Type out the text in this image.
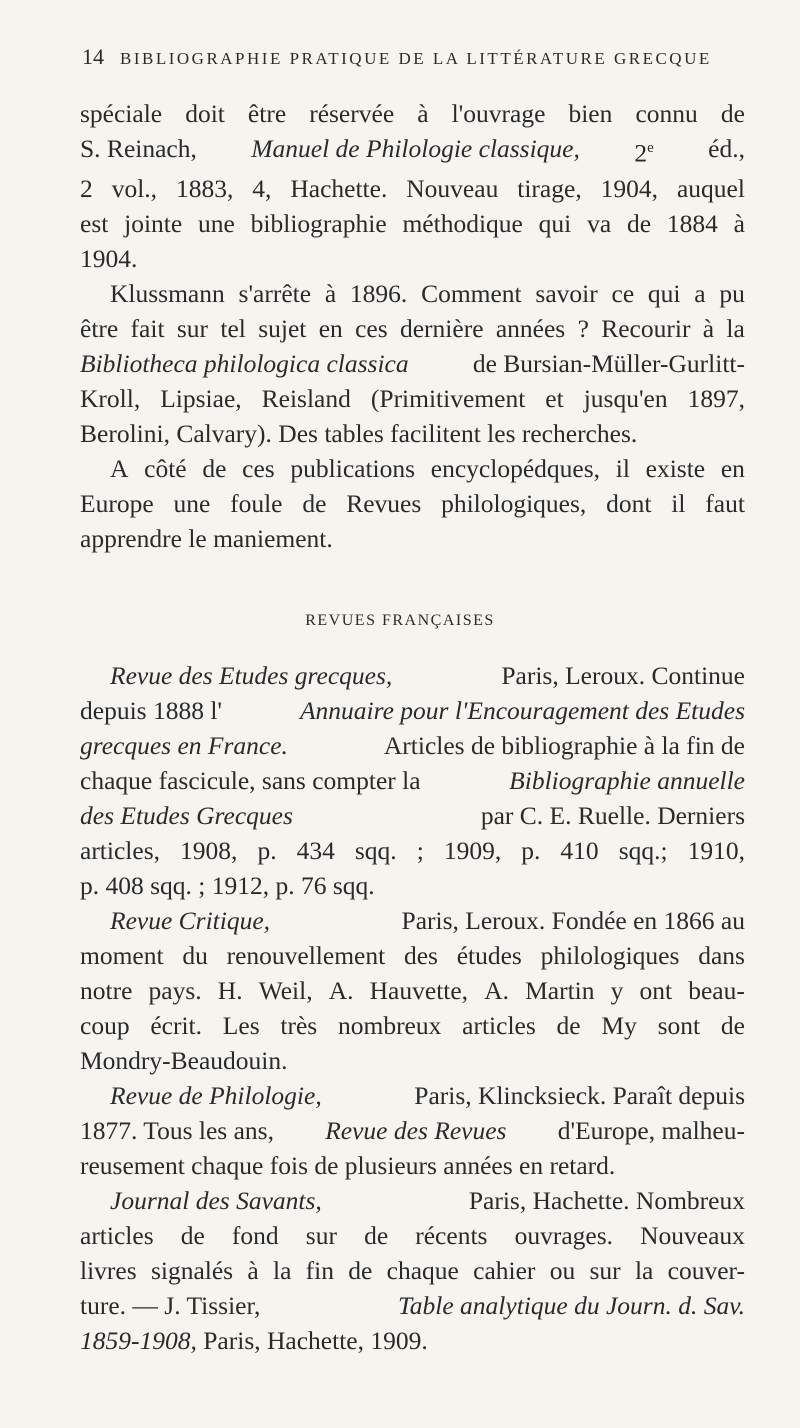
14 BIBLIOGRAPHIE PRATIQUE DE LA LITTÉRATURE GRECQUE
spéciale doit être réservée à l'ouvrage bien connu de
S. Reinach, Manuel de Philologie classique, 2e éd.,
2 vol., 1883, 4, Hachette. Nouveau tirage, 1904, auquel
est jointe une bibliographie méthodique qui va de 1884 à
1904.
Klussmann s'arrête à 1896. Comment savoir ce qui a pu
être fait sur tel sujet en ces dernière années ? Recourir à la
Bibliotheca philologica classica	de Bursian-Müller-Gurlitt-
Kroll, Lipsiae, Reisland (Primitivement et jusqu'en 1897,
Berolini, Calvary). Des tables facilitent les recherches.
A côté de ces publications encyclopédques, il existe en
Europe une foule de Revues philologiques, dont il faut
apprendre le maniement.
REVUES FRANÇAISES
Revue des Etudes grecques,	Paris, Leroux. Continue
depuis 1888 l'	Annuaire pour l'Encouragement des Etudes
grecques en France.	Articles de bibliographie à la fin de
chaque fascicule, sans compter la	Bibliographie annuelle
des Etudes Grecques	par C. E. Ruelle. Derniers
articles, 1908, p. 434 sqq. ; 1909, p. 410 sqq.; 1910,
p. 408 sqq. ; 1912, p. 76 sqq.
Revue Critique,	Paris, Leroux. Fondée en 1866 au
moment du renouvellement des études philologiques dans
notre pays. H. Weil, A. Hauvette, A. Martin y ont beau-
coup écrit. Les très nombreux articles de My sont de
Mondry-Beaudouin.
Revue de Philologie,	Paris, Klincksieck. Paraît depuis
1877. Tous les ans, Revue des Revues d'Europe, malheu-
reusement chaque fois de plusieurs années en retard.
Journal des Savants,	Paris, Hachette. Nombreux
articles de fond sur de récents ouvrages. Nouveaux
livres signalés à la fin de chaque cahier ou sur la couver-
ture. — J. Tissier,	Table analytique du Journ. d. Sav.
1859-1908, Paris, Hachette, 1909.
